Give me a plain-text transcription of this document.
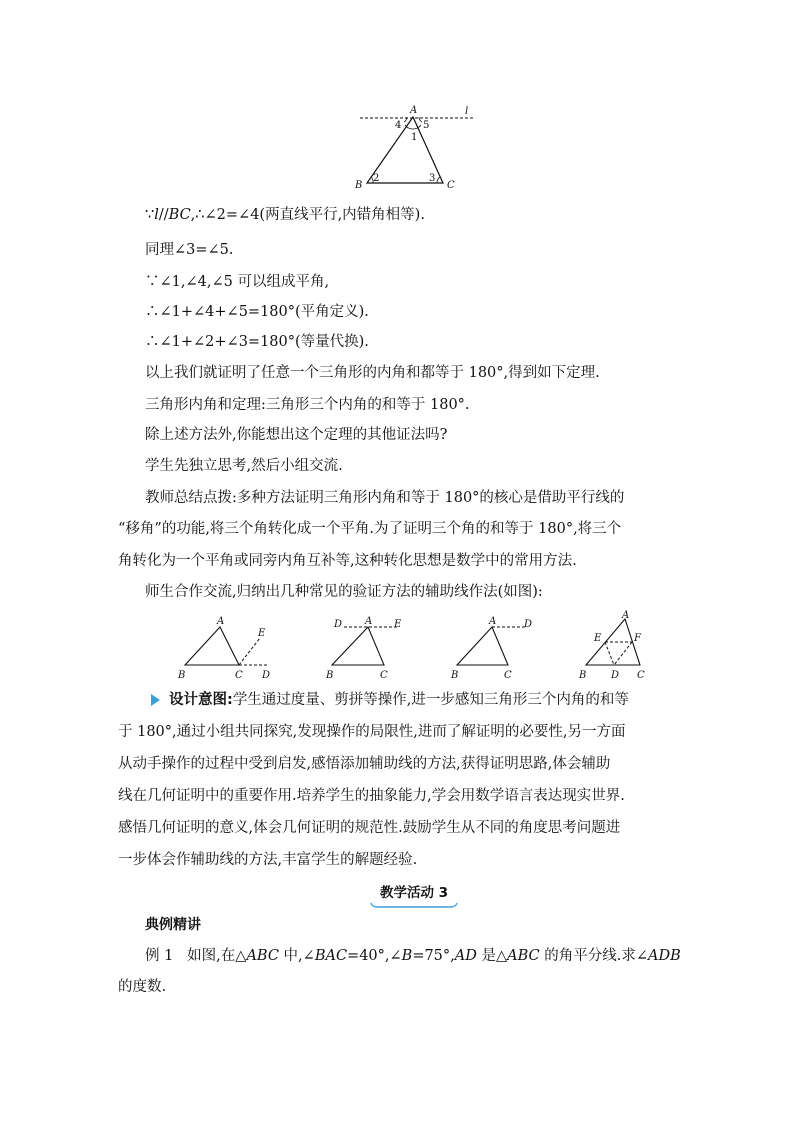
A	l
B	C
4 5
1
2	3
∵l//BC,∴∠2=∠4(两直线平行,内错角相等).
同理∠3=∠5.
∵∠1,∠4,∠5 可以组成平角,
∴∠1+∠4+∠5=180°(平角定义).
∴∠1+∠2+∠3=180°(等量代换).
以上我们就证明了任意一个三角形的内角和都等于 180°,得到如下定理.
三角形内角和定理:三角形三个内角的和等于 180°.
除上述方法外,你能想出这个定理的其他证法吗?
学生先独立思考,然后小组交流.
教师总结点拨:多种方法证明三角形内角和等于 180°的核心是借助平行线的
“移角”的功能,将三个角转化成一个平角.为了证明三个角的和等于 180°,将三个
角转化为一个平角或同旁内角互补等,这种转化思想是数学中的常用方法.
师生合作交流,归纳出几种常见的验证方法的辅助线作法(如图):
A
B	C D
E
A
B	C
D	E	A
B	C
D
A
B	C
D
E	F
设计意图:学生通过度量、剪拼等操作,进一步感知三角形三个内角的和等
于 180°,通过小组共同探究,发现操作的局限性,进而了解证明的必要性,另一方面
从动手操作的过程中受到启发,感悟添加辅助线的方法,获得证明思路,体会辅助
线在几何证明中的重要作用.培养学生的抽象能力,学会用数学语言表达现实世界.
感悟几何证明的意义,体会几何证明的规范性.鼓励学生从不同的角度思考问题进
一步体会作辅助线的方法,丰富学生的解题经验.
教学活动 3
典例精讲
例 1 如图,在△ABC 中,∠BAC=40°,∠B=75°,AD 是△ABC 的角平分线.求∠ADB
的度数.
